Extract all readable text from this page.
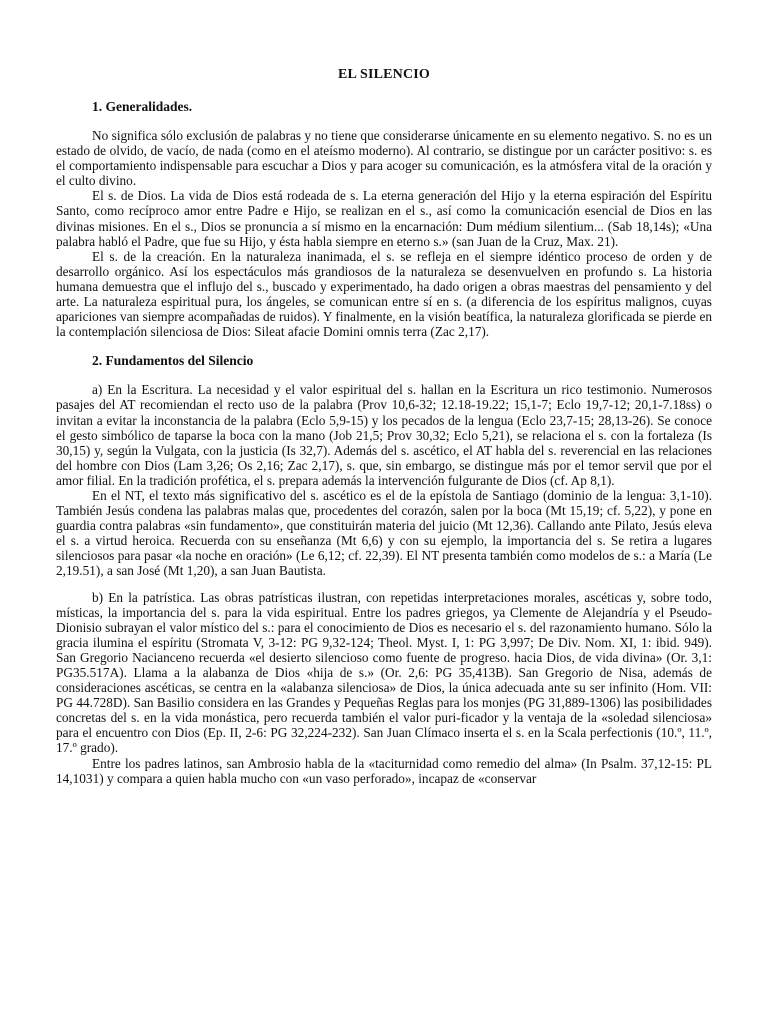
EL SILENCIO
1. Generalidades.

No significa sólo exclusión de palabras y no tiene que considerarse únicamente en su elemento negativo. S. no es un estado de olvido, de vacío, de nada (como en el ateísmo moderno). Al contrario, se distingue por un carácter positivo: s. es el comportamiento indispensable para escuchar a Dios y para acoger su comunicación, es la atmósfera vital de la oración y el culto divino.

El s. de Dios. La vida de Dios está rodeada de s. La eterna generación del Hijo y la eterna espiración del Espíritu Santo, como recíproco amor entre Padre e Hijo, se realizan en el s., así como la comunicación esencial de Dios en las divinas misiones. En el s., Dios se pronuncia a sí mismo en la encarnación: Dum médium silentium... (Sab 18,14s); «Una palabra habló el Padre, que fue su Hijo, y ésta habla siempre en eterno s.» (san Juan de la Cruz, Max. 21).

El s. de la creación. En la naturaleza inanimada, el s. se refleja en el siempre idéntico proceso de orden y de desarrollo orgánico. Así los espectáculos más grandiosos de la naturaleza se desenvuelven en profundo s. La historia humana demuestra que el influjo del s., buscado y experimentado, ha dado origen a obras maestras del pensamiento y del arte. La naturaleza espiritual pura, los ángeles, se comunican entre sí en s. (a diferencia de los espíritus malignos, cuyas apariciones van siempre acompañadas de ruidos). Y finalmente, en la visión beatífica, la naturaleza glorificada se pierde en la contemplación silenciosa de Dios: Sileat afacie Domini omnis terra (Zac 2,17).

2. Fundamentos del Silencio

a) En la Escritura. La necesidad y el valor espiritual del s. hallan en la Escritura un rico testimonio. Numerosos pasajes del AT recomiendan el recto uso de la palabra (Prov 10,6-32; 12.18-19.22; 15,1-7; Eclo 19,7-12; 20,1-7.18ss) o invitan a evitar la inconstancia de la palabra (Eclo 5,9-15) y los pecados de la lengua (Eclo 23,7-15; 28,13-26). Se conoce el gesto simbólico de taparse la boca con la mano (Job 21,5; Prov 30,32; Eclo 5,21), se relaciona el s. con la fortaleza (Is 30,15) y, según la Vulgata, con la justicia (Is 32,7). Además del s. ascético, el AT habla del s. reverencial en las relaciones del hombre con Dios (Lam 3,26; Os 2,16; Zac 2,17), s. que, sin embargo, se distingue más por el temor servil que por el amor filial. En la tradición profética, el s. prepara además la intervención fulgurante de Dios (cf. Ap 8,1).

En el NT, el texto más significativo del s. ascético es el de la epístola de Santiago (dominio de la lengua: 3,1-10). También Jesús condena las palabras malas que, procedentes del corazón, salen por la boca (Mt 15,19; cf. 5,22), y pone en guardia contra palabras «sin fundamento», que constituirán materia del juicio (Mt 12,36). Callando ante Pilato, Jesús eleva el s. a virtud heroica. Recuerda con su enseñanza (Mt 6,6) y con su ejemplo, la importancia del s. Se retira a lugares silenciosos para pasar «la noche en oración» (Le 6,12; cf. 22,39). El NT presenta también como modelos de s.: a María (Le 2,19.51), a san José (Mt 1,20), a san Juan Bautista.

b) En la patrística. Las obras patrísticas ilustran, con repetidas interpretaciones morales, ascéticas y, sobre todo, místicas, la importancia del s. para la vida espiritual. Entre los padres griegos, ya Clemente de Alejandría y el Pseudo-Dionisio subrayan el valor místico del s.: para el conocimiento de Dios es necesario el s. del razonamiento humano. Sólo la gracia ilumina el espíritu (Stromata V, 3-12: PG 9,32-124; Theol. Myst. I, 1: PG 3,997; De Div. Nom. XI, 1: ibid. 949). San Gregorio Nacianceno recuerda «el desierto silencioso como fuente de progreso. hacia Dios, de vida divina» (Or. 3,1: PG35.517A). Llama a la alabanza de Dios «hija de s.» (Or. 2,6: PG 35,413B). San Gregorio de Nisa, además de consideraciones ascéticas, se centra en la «alabanza silenciosa» de Dios, la única adecuada ante su ser infinito (Hom. VII: PG 44.728D). San Basilio considera en las Grandes y Pequeñas Reglas para los monjes (PG 31,889-1306) las posibilidades concretas del s. en la vida monástica, pero recuerda también el valor puri-ficador y la ventaja de la «soledad silenciosa» para el encuentro con Dios (Ep. II, 2-6: PG 32,224-232). San Juan Clímaco inserta el s. en la Scala perfectionis (10.º, 11.º, 17.º grado).

Entre los padres latinos, san Ambrosio habla de la «taciturnidad como remedio del alma» (In Psalm. 37,12-15: PL 14,1031) y compara a quien habla mucho con «un vaso perforado», incapaz de «conservar
